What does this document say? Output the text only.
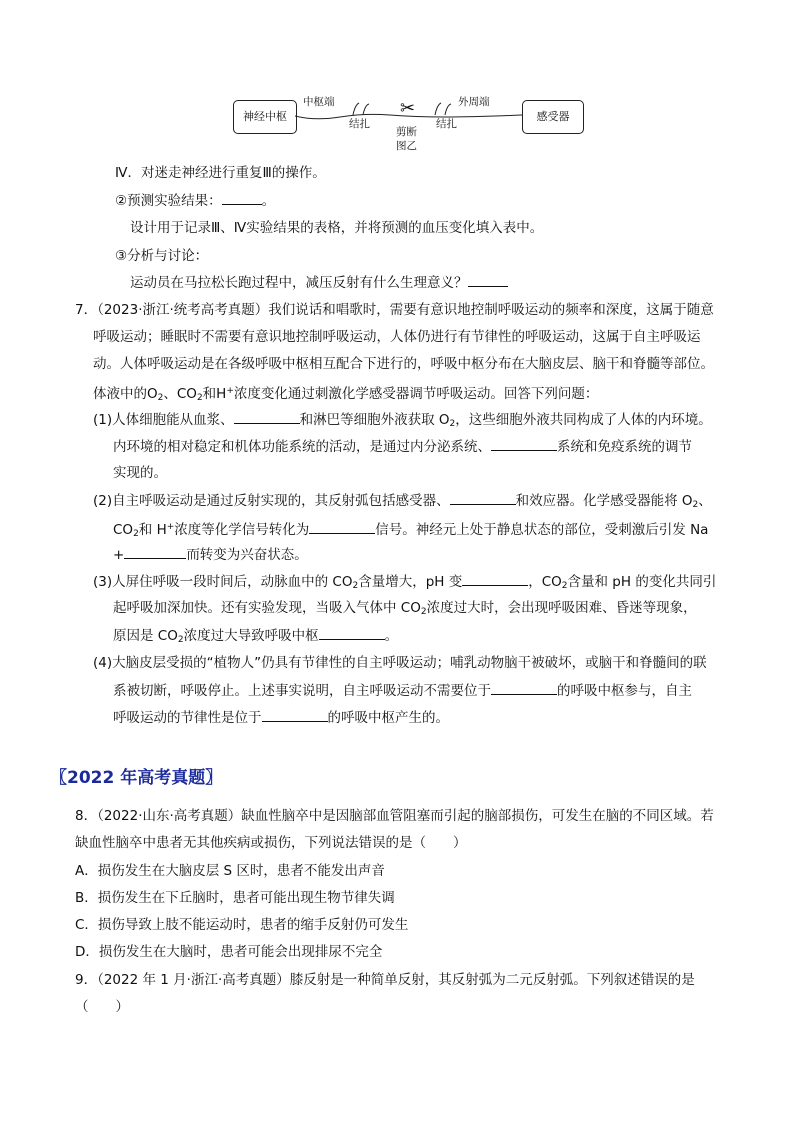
神经中枢	感受器
✂
中枢端	外周端
结扎	结扎
剪断
图乙
Ⅳ．对迷走神经进行重复Ⅲ的操作。
②预测实验结果：	。
设计用于记录Ⅲ、Ⅳ实验结果的表格，并将预测的血压变化填入表中。
③分析与讨论：
运动员在马拉松长跑过程中，减压反射有什么生理意义？
7．（2023·浙江·统考高考真题）我们说话和唱歌时，需要有意识地控制呼吸运动的频率和深度，这属于随意
呼吸运动；睡眠时不需要有意识地控制呼吸运动，人体仍进行有节律性的呼吸运动，这属于自主呼吸运
动。人体呼吸运动是在各级呼吸中枢相互配合下进行的，呼吸中枢分布在大脑皮层、脑干和脊髓等部位。
体液中的$O_2$、$CO_2$和H+浓度变化通过刺激化学感受器调节呼吸运动。回答下列问题：
(1)人体细胞能从血浆、	和淋巴等细胞外液获取 $O_2$，这些细胞外液共同构成了人体的内环境。
内环境的相对稳定和机体功能系统的活动，是通过内分泌系统、	系统和免疫系统的调节
实现的。
(2)自主呼吸运动是通过反射实现的，其反射弧包括感受器、	和效应器。化学感受器能将 $O_2$、
$CO_2$和 H+浓度等化学信号转化为	信号。神经元上处于静息状态的部位，受刺激后引发 Na
+	而转变为兴奋状态。
(3)人屏住呼吸一段时间后，动脉血中的 $CO_2$含量增大，pH 变	，$CO_2$含量和 pH 的变化共同引
起呼吸加深加快。还有实验发现，当吸入气体中 $CO_2$浓度过大时，会出现呼吸困难、昏迷等现象，
原因是 $CO_2$浓度过大导致呼吸中枢	。
(4)大脑皮层受损的“植物人”仍具有节律性的自主呼吸运动；哺乳动物脑干被破坏，或脑干和脊髓间的联
系被切断，呼吸停止。上述事实说明，自主呼吸运动不需要位于	的呼吸中枢参与，自主
呼吸运动的节律性是位于	的呼吸中枢产生的。
〖2022 年高考真题〗
8．（2022·山东·高考真题）缺血性脑卒中是因脑部血管阻塞而引起的脑部损伤，可发生在脑的不同区域。若
缺血性脑卒中患者无其他疾病或损伤，下列说法错误的是（　　）
A．损伤发生在大脑皮层 S 区时，患者不能发出声音
B．损伤发生在下丘脑时，患者可能出现生物节律失调
C．损伤导致上肢不能运动时，患者的缩手反射仍可发生
D．损伤发生在大脑时，患者可能会出现排尿不完全
9．（2022 年 1 月·浙江·高考真题）膝反射是一种简单反射，其反射弧为二元反射弧。下列叙述错误的是
（　　）
